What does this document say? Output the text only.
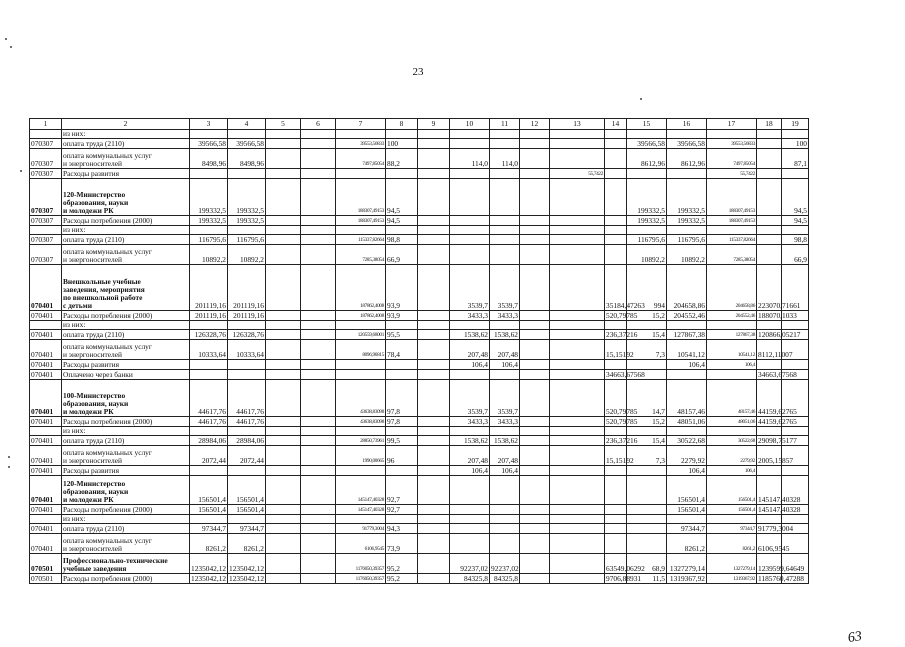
23
1	2	3	4	5	6	7	8	9	10	11	12	13	14	15	16	17	18	19	
	из них:																		
070307	оплата труда (2110)	39566,58	39566,58			39553,56833	100							39566,58	39566,58	39553,56833		100	
070307	оплата коммунальных услуг
и энергоносителей	8498,96	8498,96			7497,85054	88,2		114,0	114,0				8612,96	8612,96	7497,85054		87,1	
070307	Расходы развития											55,7422				55,7422			
070307	120-Министерство
образования, науки
и молодежи РК	199332,5	199332,5			188307,49153	94,5							199332,5	199332,5	188307,49153		94,5	
070307	Расходы потребления (2000)	199332,5	199332,5			188307,49153	94,5							199332,5	199332,5	188307,49153		94,5	
	из них:																		
070307	оплата труда (2110)	116795,6	116795,6			115337,82664	98,8							116795,6	116795,6	115337,82664		98,8	
070307	оплата коммунальных услуг
и энергоносителей	10892,2	10892,2			7285,38054	66,9							10892,2	10892,2	7285,38054		66,9	
070401	Внешкольные учебные
заведения, мероприятия
по внешкольной работе
с детьми	201119,16	201119,16			187862,4008	93,9		3539,7	3539,7			35184,47263	994	204658,86	204658,86	223070,71661		
070401	Расходы потребления (2000)	201119,16	201119,16			187862,4008	93,9		3433,3	3433,3			520,79785	15,2	204552,46	204552,46	188070,1033		
	из них:																		
070401	оплата труда (2110)	126328,76	126328,76			120559,68001	95,5		1538,62	1538,62			236,37216	15,4	127867,38	127867,38	120866,05217		
070401	оплата коммунальных услуг
и энергоносителей	10333,64	10333,64			8096,96815	78,4		207,48	207,48			15,15192	7,3	10541,12	10541,12	8112,11007		
070401	Расходы развития								106,4	106,4					106,4	106,4			
070401	Оплачено через банки												34663,67568				34663,67568		
070401	100-Министерство
образования, науки
и молодежи РК	44617,76	44617,76			43638,83098	97,8		3539,7	3539,7			520,79785	14,7	48157,46	48157,46	44159,62765		
070401	Расходы потребления (2000)	44617,76	44617,76			43638,83098	97,8		3433,3	3433,3			520,79785	15,2	48051,06	48051,06	44159,62765		
	из них:																		
070401	оплата труда (2110)	28984,06	28984,06			28850,73961	99,5		1538,62	1538,62			236,37216	15,4	30522,68	30522,68	29098,75177		
070401	оплата коммунальных услуг
и энергоносителей	2072,44	2072,44			1990,00665	96		207,48	207,48			15,15192	7,3	2279,92	2279,92	2005,15857		
070401	Расходы развития								106,4	106,4					106,4	106,4			
070401	120-Министерство
образования, науки
и молодежи РК	156501,4	156501,4			145147,40328	92,7								156501,4	156501,4	145147,40328		
070401	Расходы потребления (2000)	156501,4	156501,4			145147,40328	92,7								156501,4	156501,4	145147,40328		
	из них:																		
070401	оплата труда (2110)	97344,7	97344,7			91779,3004	94,3								97344,7	97344,7	91779,3004		
070401	оплата коммунальных услуг
и энергоносителей	8261,2	8261,2			6106,9545	73,9								8261,2	8261,2	6106,9545		
070501	Профессионально-технические
учебные заведения	1235042,12	1235042,12			1176050,39357	95,2		92237,02	92237,02			63549,06292	68,9	1327279,14	1327279,14	1239599,64649		
070501	Расходы потребления (2000)	1235042,12	1235042,12			1176050,39357	95,2		84325,8	84325,8			9706,88931	11,5	1319367,92	1319367,92	1185760,47288		
63
